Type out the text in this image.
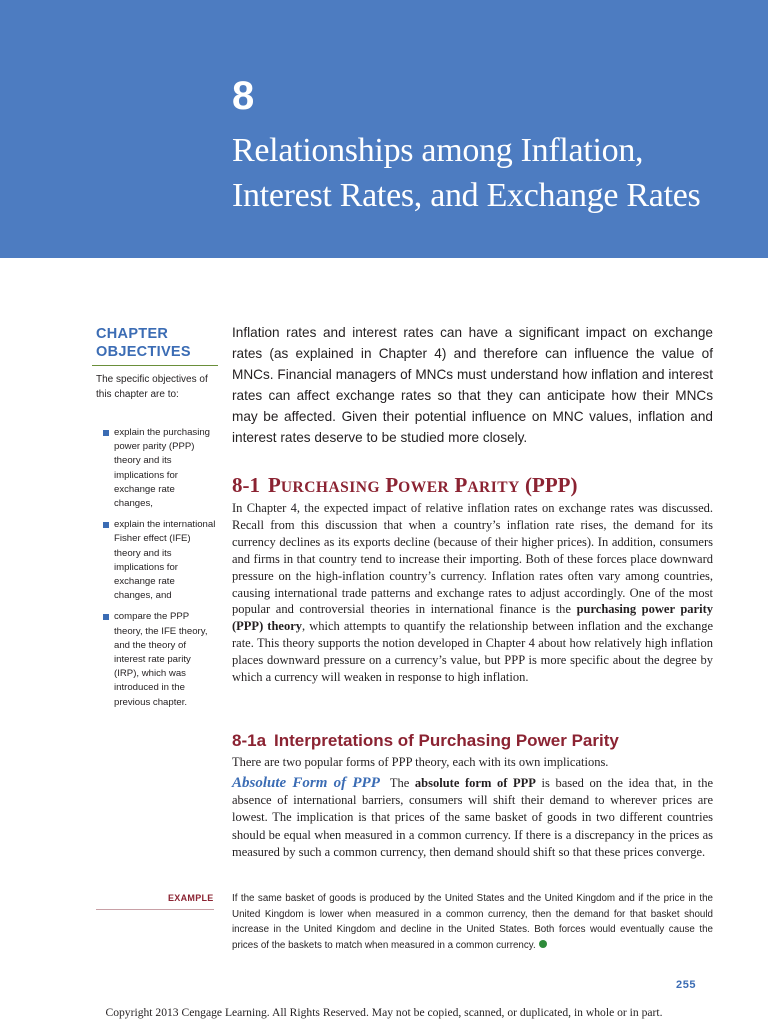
8
Relationships among Inflation,
Interest Rates, and Exchange Rates
CHAPTER
OBJECTIVES
The specific objectives of this chapter are to:
explain the purchasing power parity (PPP) theory and its implications for exchange rate changes,
explain the international Fisher effect (IFE) theory and its implications for exchange rate changes, and
compare the PPP theory, the IFE theory, and the theory of interest rate parity (IRP), which was introduced in the previous chapter.

Inflation rates and interest rates can have a significant impact on exchange rates (as explained in Chapter 4) and therefore can influence the value of MNCs. Financial managers of MNCs must understand how inflation and interest rates can affect exchange rates so that they can anticipate how their MNCs may be affected. Given their potential influence on MNC values, inflation and interest rates deserve to be studied more closely.

8-1 PURCHASING POWER PARITY (PPP)

In Chapter 4, the expected impact of relative inflation rates on exchange rates was discussed. Recall from this discussion that when a country’s inflation rate rises, the demand for its currency declines as its exports decline (because of their higher prices). In addition, consumers and firms in that country tend to increase their importing. Both of these forces place downward pressure on the high-inflation country’s currency. Inflation rates often vary among countries, causing international trade patterns and exchange rates to adjust accordingly. One of the most popular and controversial theories in international finance is the purchasing power parity (PPP) theory, which attempts to quantify the relationship between inflation and the exchange rate. This theory supports the notion developed in Chapter 4 about how relatively high inflation places downward pressure on a currency’s value, but PPP is more specific about the degree by which a currency will weaken in response to high inflation.

8-1a Interpretations of Purchasing Power Parity

There are two popular forms of PPP theory, each with its own implications.

Absolute Form of PPP The absolute form of PPP is based on the idea that, in the absence of international barriers, consumers will shift their demand to wherever prices are lowest. The implication is that prices of the same basket of goods in two different countries should be equal when measured in a common currency. If there is a discrepancy in the prices as measured by such a common currency, then demand should shift so that these prices converge.

EXAMPLE If the same basket of goods is produced by the United States and the United Kingdom and if the price in the United Kingdom is lower when measured in a common currency, then the demand for that basket should increase in the United Kingdom and decline in the United States. Both forces would eventually cause the prices of the baskets to match when measured in a common currency.

255
Copyright 2013 Cengage Learning. All Rights Reserved. May not be copied, scanned, or duplicated, in whole or in part.
